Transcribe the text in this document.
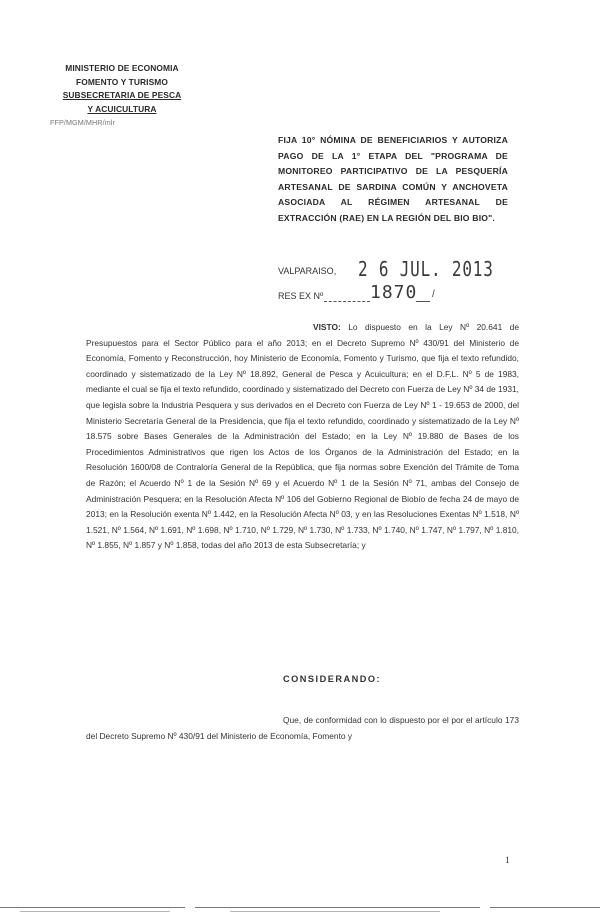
MINISTERIO DE ECONOMIA
FOMENTO Y TURISMO
SUBSECRETARIA DE PESCA
Y ACUICULTURA
FFP/MGM/MHR/mlr
FIJA 10° NÓMINA DE BENEFICIARIOS Y AUTORIZA PAGO DE LA 1° ETAPA DEL "PROGRAMA DE MONITOREO PARTICIPATIVO DE LA PESQUERÍA ARTESANAL DE SARDINA COMÚN Y ANCHOVETA ASOCIADA AL RÉGIMEN ARTESANAL DE EXTRACCIÓN (RAE) EN LA REGIÓN DEL BIO BIO".
VALPARAISO, 2 6 JUL. 2013
RES EX Nº	1870 /
VISTO: Lo dispuesto en la Ley Nº 20.641 de Presupuestos para el Sector Público para el año 2013; en el Decreto Supremo Nº 430/91 del Ministerio de Economía, Fomento y Reconstrucción, hoy Ministerio de Economía, Fomento y Turismo, que fija el texto refundido, coordinado y sistematizado de la Ley Nº 18.892, General de Pesca y Acuicultura; en el D.F.L. Nº 5 de 1983, mediante el cual se fija el texto refundido, coordinado y sistematizado del Decreto con Fuerza de Ley Nº 34 de 1931, que legisla sobre la Industria Pesquera y sus derivados en el Decreto con Fuerza de Ley Nº 1 - 19.653 de 2000, del Ministerio Secretaría General de la Presidencia, que fija el texto refundido, coordinado y sistematizado de la Ley Nº 18.575 sobre Bases Generales de la Administración del Estado; en la Ley Nº 19.880 de Bases de los Procedimientos Administrativos que rigen los Actos de los Órganos de la Administración del Estado; en la Resolución 1600/08 de Contraloría General de la República, que fija normas sobre Exención del Trámite de Toma de Razón; el Acuerdo Nº 1 de la Sesión Nº 69 y el Acuerdo Nº 1 de la Sesión Nº 71, ambas del Consejo de Administración Pesquera; en la Resolución Afecta Nº 106 del Gobierno Regional de Biobío de fecha 24 de mayo de 2013; en la Resolución exenta Nº 1.442, en la Resolución Afecta Nº 03, y en las Resoluciones Exentas Nº 1.518, Nº 1.521, Nº 1.564, Nº 1.691, Nº 1.698, Nº 1.710, Nº 1.729, Nº 1.730, Nº 1.733, Nº 1.740, Nº 1.747, Nº 1.797, Nº 1.810, Nº 1.855, Nº 1.857 y Nº 1.858, todas del año 2013 de esta Subsecretaría; y
CONSIDERANDO:
Que, de conformidad con lo dispuesto por el por el artículo 173 del Decreto Supremo Nº 430/91 del Ministerio de Economía, Fomento y
1
